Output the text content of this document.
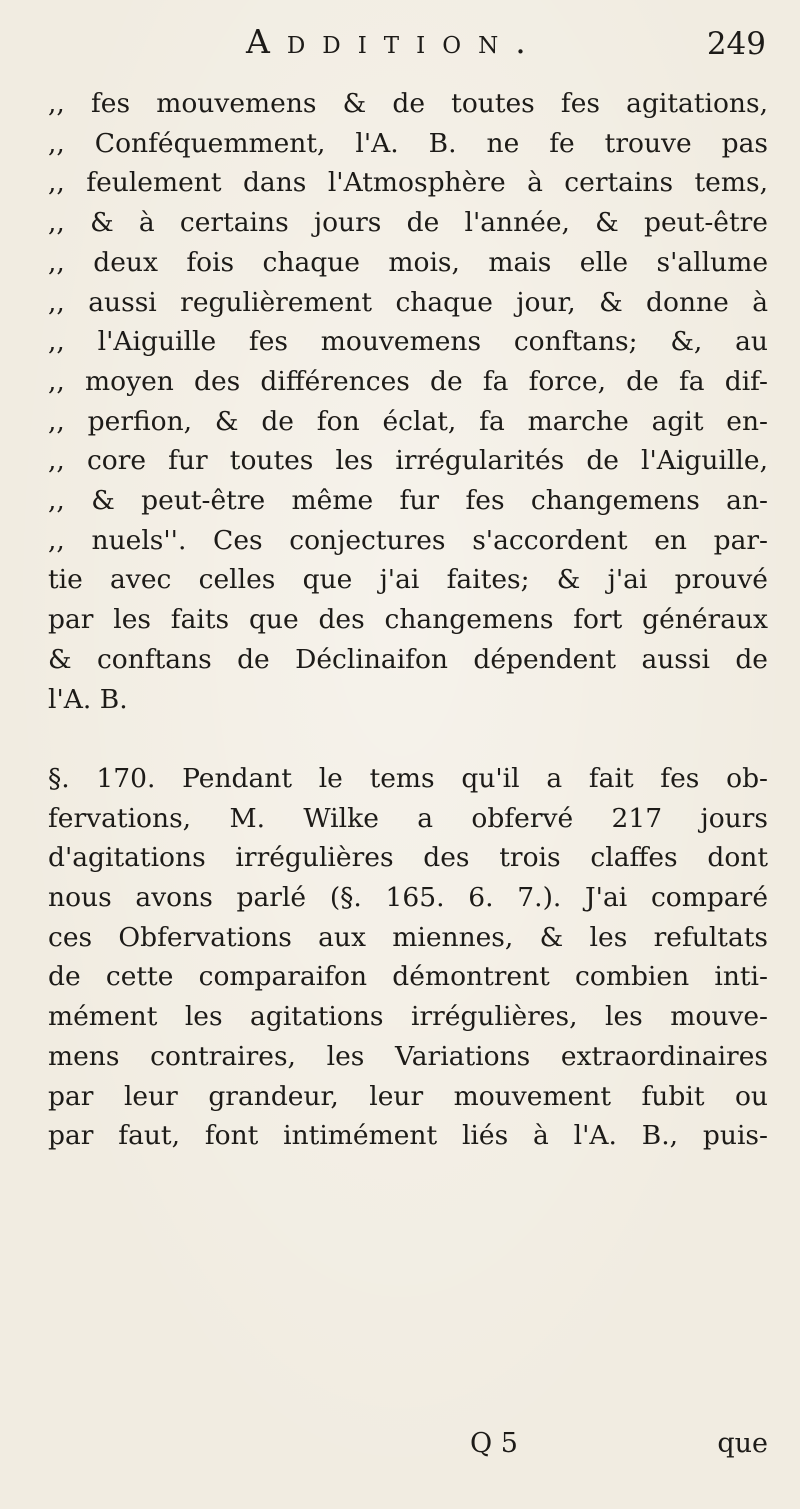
Addition.	249
,, fes mouvemens & de toutes fes agitations,
,, Conféquemment, l'A. B. ne fe trouve pas
,, feulement dans l'Atmosphère à certains tems,
,, & à certains jours de l'année, & peut-être
,, deux fois chaque mois, mais elle s'allume
,, aussi regulièrement chaque jour, & donne à
,, l'Aiguille fes mouvemens conftans; &, au
,, moyen des différences de fa force, de fa dif-
,, perfion, & de fon éclat, fa marche agit en-
,, core fur toutes les irrégularités de l'Aiguille,
,, & peut-être même fur fes changemens an-
,, nuels''. Ces conjectures s'accordent en par-
tie avec celles que j'ai faites; & j'ai prouvé
par les faits que des changemens fort généraux
& conftans de Déclinaifon dépendent aussi de
l'A. B.
§. 170. Pendant le tems qu'il a fait fes ob-
fervations, M. Wilke a obfervé 217 jours
d'agitations irrégulières des trois claffes dont
nous avons parlé (§. 165. 6. 7.). J'ai comparé
ces Obfervations aux miennes, & les refultats
de cette comparaifon démontrent combien inti-
mément les agitations irrégulières, les mouve-
mens contraires, les Variations extraordinaires
par leur grandeur, leur mouvement fubit ou
par faut, font intimément liés à l'A. B., puis-
Q 5	que
